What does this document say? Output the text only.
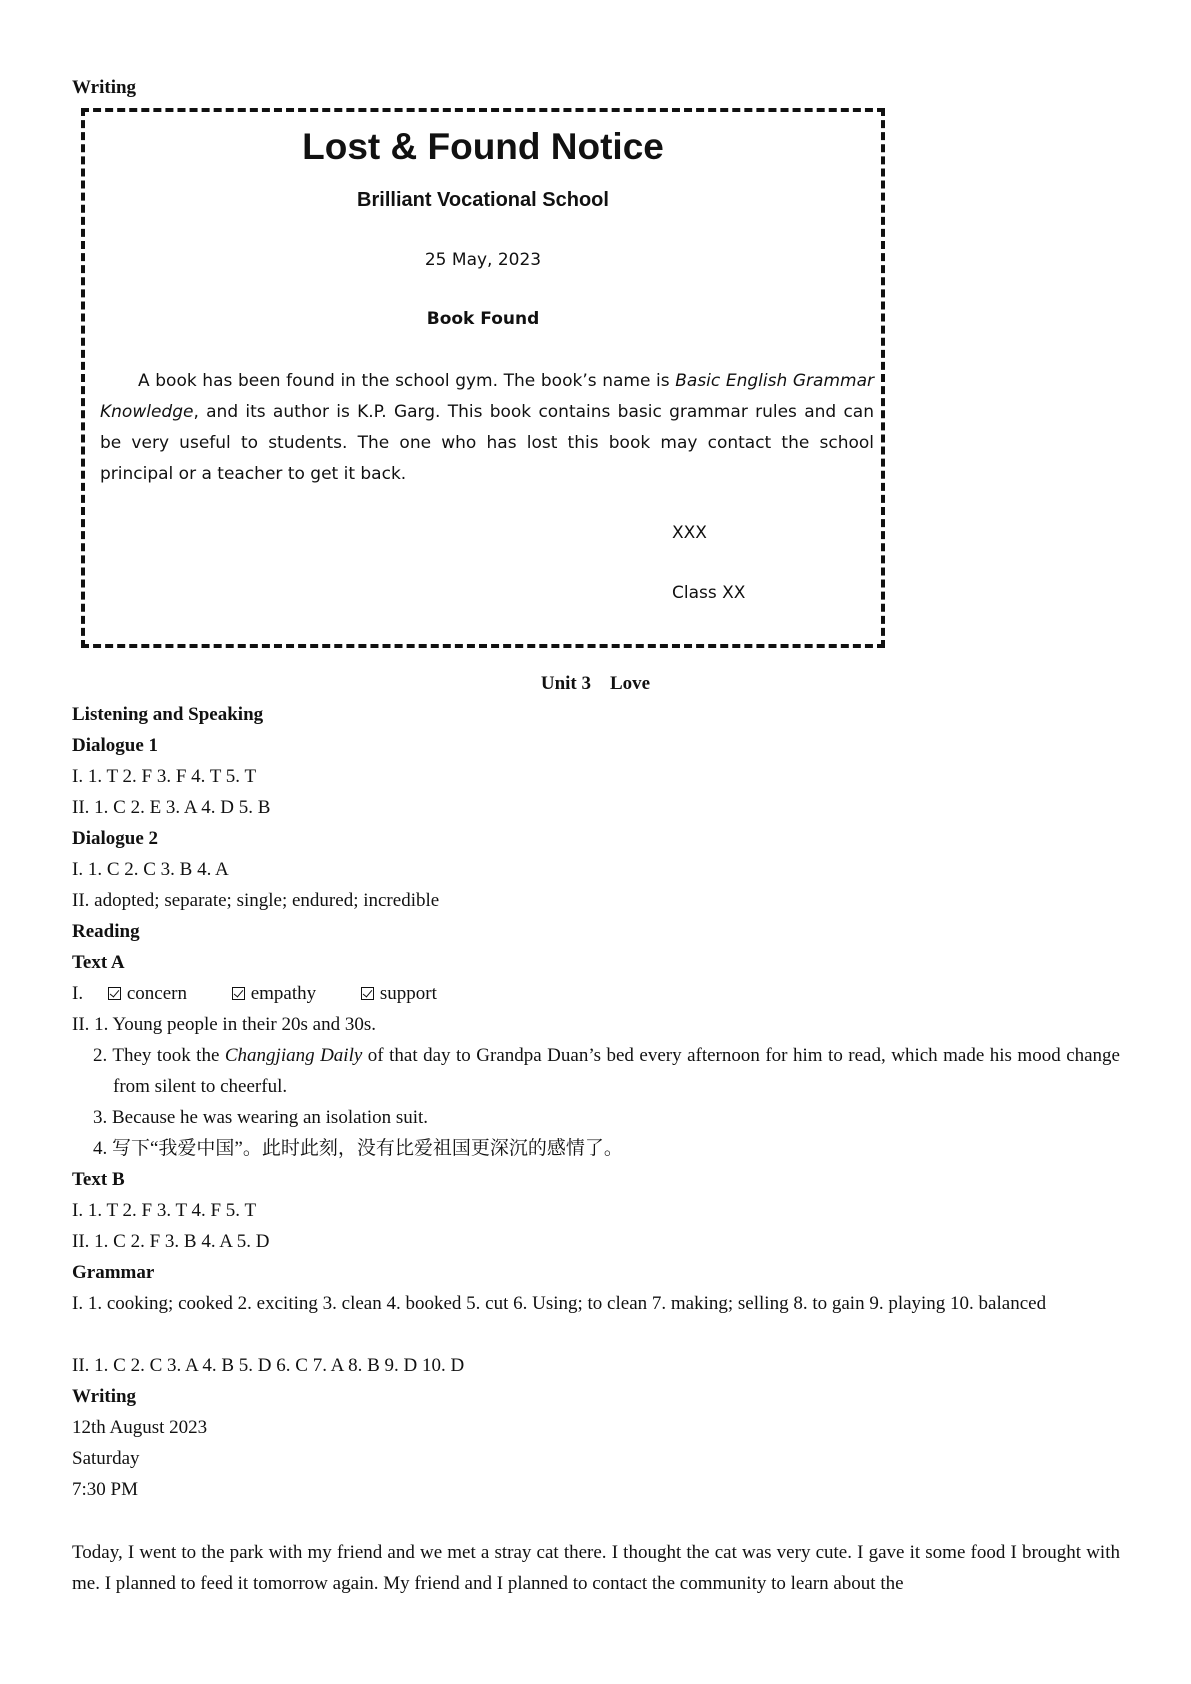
Writing
Lost & Found Notice
Brilliant Vocational School
25 May, 2023
Book Found
A book has been found in the school gym. The book’s name is Basic English Grammar Knowledge, and its author is K.P. Garg. This book contains basic grammar rules and can be very useful to students. The one who has lost this book may contact the school principal or a teacher to get it back.
XXX
Class XX
Unit 3　Love
Listening and Speaking
Dialogue 1
I. 1. T 2. F 3. F 4. T 5. T
II. 1. C 2. E 3. A 4. D 5. B
Dialogue 2
I. 1. C 2. C 3. B 4. A
II. adopted; separate; single; endured; incredible
Reading
Text A
I. concern	empathy	support
II. 1. Young people in their 20s and 30s.
2. They took the Changjiang Daily of that day to Grandpa Duan’s bed every afternoon for him to read, which made his mood change from silent to cheerful.
3. Because he was wearing an isolation suit.
4. 写下“我爱中国”。此时此刻，没有比爱祖国更深沉的感情了。
Text B
I. 1. T 2. F 3. T 4. F 5. T
II. 1. C 2. F 3. B 4. A 5. D
Grammar
I. 1. cooking; cooked 2. exciting 3. clean 4. booked 5. cut 6. Using; to clean 7. making; selling 8. to gain 9. playing 10. balanced
II. 1. C 2. C 3. A 4. B 5. D 6. C 7. A 8. B 9. D 10. D
Writing
12th August 2023
Saturday
7:30 PM
Today, I went to the park with my friend and we met a stray cat there. I thought the cat was very cute. I gave it some food I brought with me. I planned to feed it tomorrow again. My friend and I planned to contact the community to learn about the
